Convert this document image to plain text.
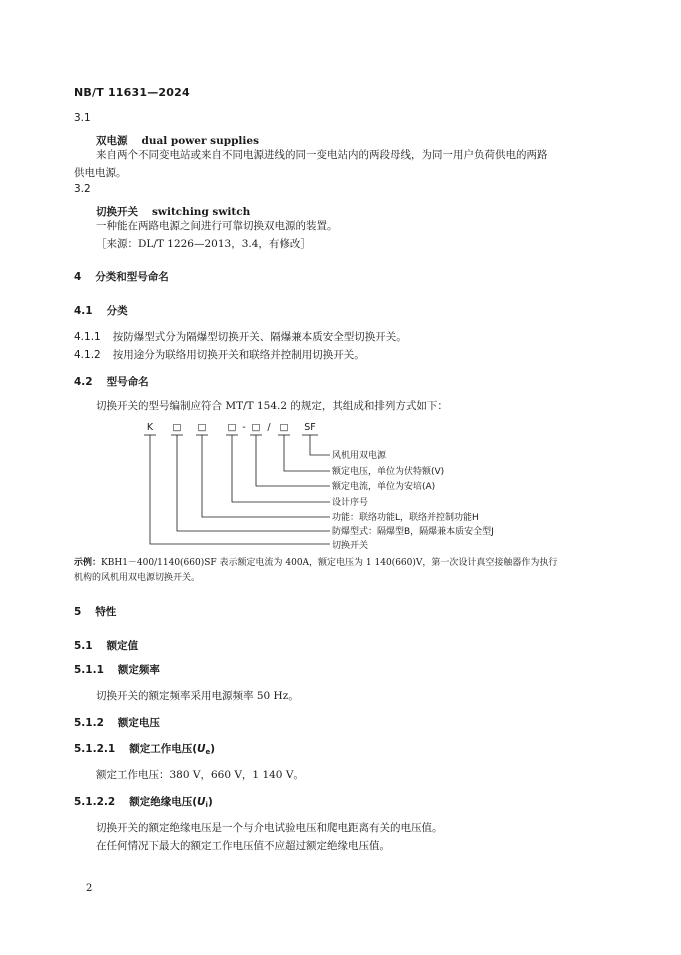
NB/T 11631—2024
3.1
双电源 dual power supplies
来自两个不同变电站或来自不同电源进线的同一变电站内的两段母线，为同一用户负荷供电的两路
供电电源。
3.2
切换开关 switching switch
一种能在两路电源之间进行可靠切换双电源的装置。
［来源：DL/T 1226—2013，3.4，有修改］
4 分类和型号命名
4.1 分类
4.1.1 按防爆型式分为隔爆型切换开关、隔爆兼本质安全型切换开关。
4.1.2 按用途分为联络用切换开关和联络并控制用切换开关。
4.2 型号命名
切换开关的型号编制应符合 MT/T 154.2 的规定，其组成和排列方式如下：
K □ □ □ - □ / □ SF
风机用双电源
额定电压，单位为伏特额(V)
额定电流，单位为安培(A)
设计序号
功能：联络功能L，联络并控制功能H
防爆型式：隔爆型B，隔爆兼本质安全型J
切换开关
示例：KBH1－400/1140(660)SF 表示额定电流为 400A，额定电压为 1 140(660)V，第一次设计真空接触器作为执行
机构的风机用双电源切换开关。
5 特性
5.1 额定值
5.1.1 额定频率
切换开关的额定频率采用电源频率 50 Hz。
5.1.2 额定电压
5.1.2.1 额定工作电压$(U_e)$
额定工作电压：380 V，660 V，1 140 V。
5.1.2.2 额定绝缘电压$(U_i)$
切换开关的额定绝缘电压是一个与介电试验电压和爬电距离有关的电压值。
在任何情况下最大的额定工作电压值不应超过额定绝缘电压值。
2
